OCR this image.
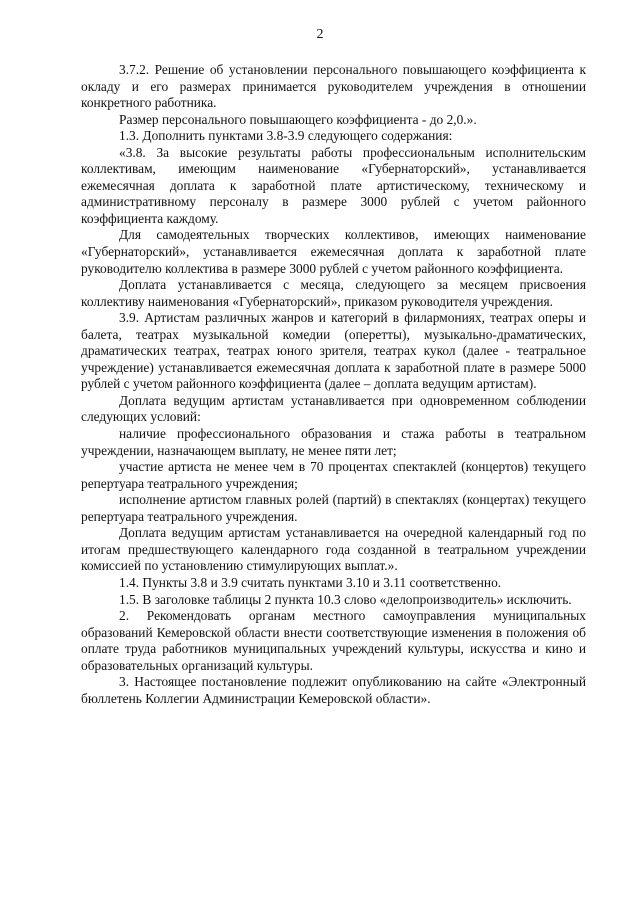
2

3.7.2. Решение об установлении персонального повышающего коэффициента к окладу и его размерах принимается руководителем учреждения в отношении конкретного работника.

Размер персонального повышающего коэффициента - до 2,0.».

1.3. Дополнить пунктами 3.8-3.9 следующего содержания:

«3.8. За высокие результаты работы профессиональным исполнительским коллективам, имеющим наименование «Губернаторский», устанавливается ежемесячная доплата к заработной плате артистическому, техническому и административному персоналу в размере 3000 рублей с учетом районного коэффициента каждому.

Для самодеятельных творческих коллективов, имеющих наименование «Губернаторский», устанавливается ежемесячная доплата к заработной плате руководителю коллектива в размере 3000 рублей с учетом районного коэффициента.

Доплата устанавливается с месяца, следующего за месяцем присвоения коллективу наименования «Губернаторский», приказом руководителя учреждения.

3.9. Артистам различных жанров и категорий в филармониях, театрах оперы и балета, театрах музыкальной комедии (оперетты), музыкально-драматических, драматических театрах, театрах юного зрителя, театрах кукол (далее - театральное учреждение) устанавливается ежемесячная доплата к заработной плате в размере 5000 рублей с учетом районного коэффициента (далее – доплата ведущим артистам).

Доплата ведущим артистам устанавливается при одновременном соблюдении следующих условий:

наличие профессионального образования и стажа работы в театральном учреждении, назначающем выплату, не менее пяти лет;

участие артиста не менее чем в 70 процентах спектаклей (концертов) текущего репертуара театрального учреждения;

исполнение артистом главных ролей (партий) в спектаклях (концертах) текущего репертуара театрального учреждения.

Доплата ведущим артистам устанавливается на очередной календарный год по итогам предшествующего календарного года созданной в театральном учреждении комиссией по установлению стимулирующих выплат.».

1.4. Пункты 3.8 и 3.9 считать пунктами 3.10 и 3.11 соответственно.

1.5. В заголовке таблицы 2 пункта 10.3 слово «делопроизводитель» исключить.

2. Рекомендовать органам местного самоуправления муниципальных образований Кемеровской области внести соответствующие изменения в положения об оплате труда работников муниципальных учреждений культуры, искусства и кино и образовательных организаций культуры.

3. Настоящее постановление подлежит опубликованию на сайте «Электронный бюллетень Коллегии Администрации Кемеровской области».
